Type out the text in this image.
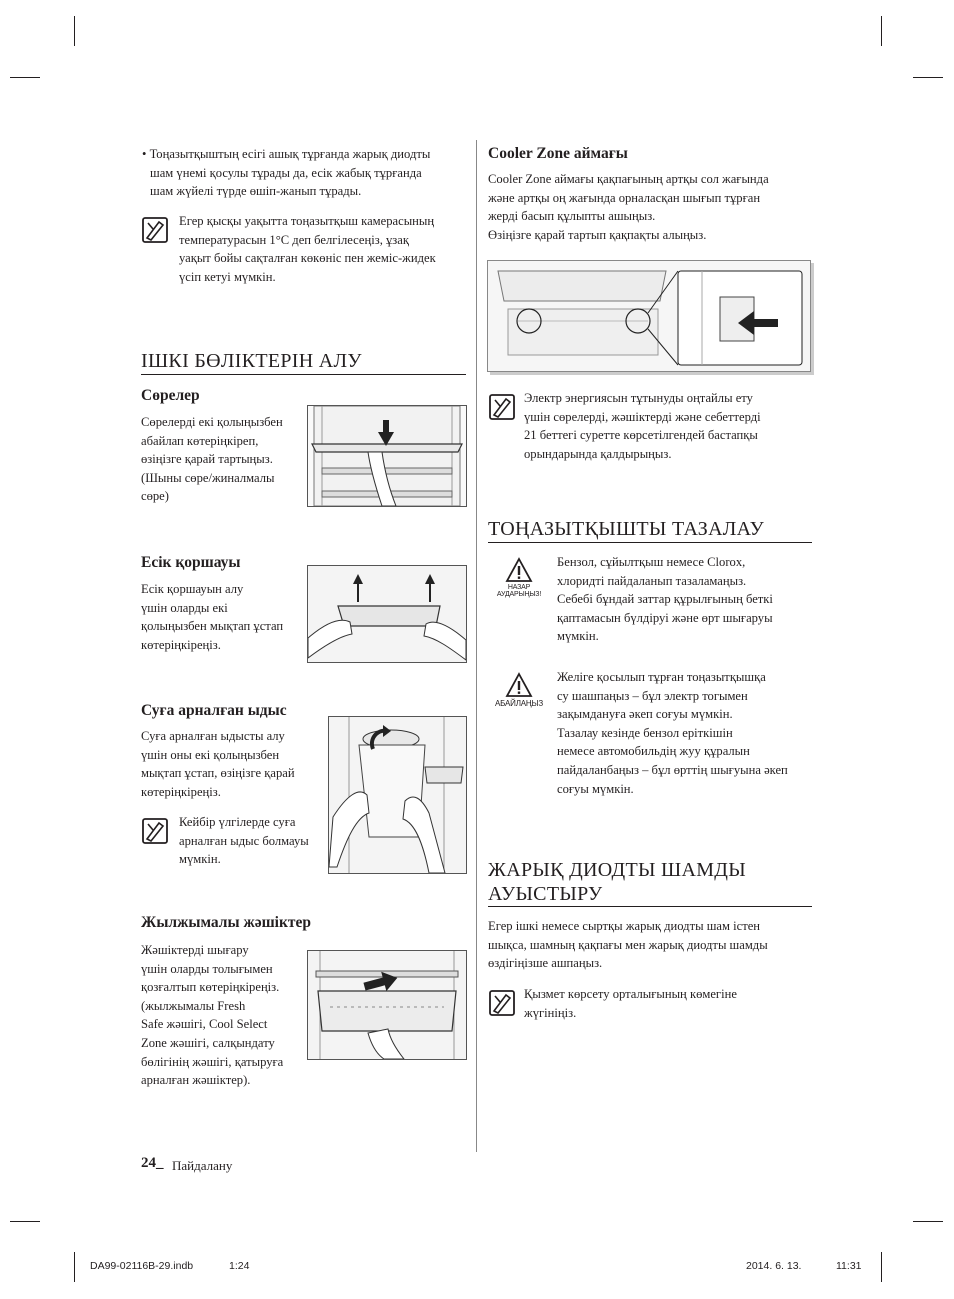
• Тоңазытқыштың есігі ашық тұрғанда жарық диодты
шам үнемі қосулы тұрады да, есік жабық тұрғанда
шам жүйелі түрде өшіп-жанып тұрады.
Егер қысқы уақытта тоңазытқыш камерасының
температурасын 1°C деп белгілесеңіз, ұзақ
уақыт бойы сақталған көкөніс пен жеміс-жидек
үсіп кетуі мүмкін.
ІШКІ БӨЛІКТЕРІН АЛУ
Сөрелер
Сөрелерді екі қолыңызбен
абайлап көтеріңкіреп,
өзіңізге қарай тартыңыз.
(Шыны сөре/жиналмалы
сөре)
Есік қоршауы
Есік қоршауын алу
үшін оларды екі
қолыңызбен мықтап ұстап
көтеріңкіреңіз.
Суға арналған ыдыс
Суға арналған ыдысты алу
үшін оны екі қолыңызбен
мықтап ұстап, өзіңізге қарай
көтеріңкіреңіз.
Кейбір үлгілерде суға
арналған ыдыс болмауы
мүмкін.
Жылжымалы жәшіктер
Жәшіктерді шығару
үшін оларды толығымен
қозғалтып көтеріңкіреңіз.
(жылжымалы Fresh
Safe жәшігі, Cool Select
Zone жәшігі, салқындату
бөлігінің жәшігі, қатыруға
арналған жәшіктер).
24_ Пайдалану
Cooler Zone аймағы
Cooler Zone аймағы қақпағының артқы сол жағында
және артқы оң жағында орналасқан шығып тұрған
жерді басып құлыпты ашыңыз.
Өзіңізге қарай тартып қақпақты алыңыз.
Электр энергиясын тұтынуды оңтайлы ету
үшін сөрелерді, жәшіктерді және себеттерді
21 беттегі суретте көрсетілгендей бастапқы
орындарында қалдырыңыз.
ТОҢАЗЫТҚЫШТЫ ТАЗАЛАУ
НАЗАР АУДАРЫҢЫЗ!
Бензол, сұйылтқыш немесе Clorox,
хлоридті пайдаланып тазаламаңыз.
Себебі бұндай заттар құрылғының беткі
қаптамасын бүлдіруі және өрт шығаруы
мүмкін.
АБАЙЛАҢЫЗ
Желіге қосылып тұрған тоңазытқышқа
су шашпаңыз – бұл электр тогымен
зақымдануға әкеп соғуы мүмкін.
Тазалау кезінде бензол еріткішін
немесе автомобильдің жуу құралын
пайдаланбаңыз – бұл өрттің шығуына әкеп
соғуы мүмкін.
ЖАРЫҚ ДИОДТЫ ШАМДЫ
АУЫСТЫРУ
Егер ішкі немесе сыртқы жарық диодты шам істен
шықса, шамның қақпағы мен жарық диодты шамды
өздігіңізше ашпаңыз.
Қызмет көрсету орталығының көмегіне
жүгініңіз.
DA99-02116B-29.indb	1:24	2014. 6. 13.	11:31
